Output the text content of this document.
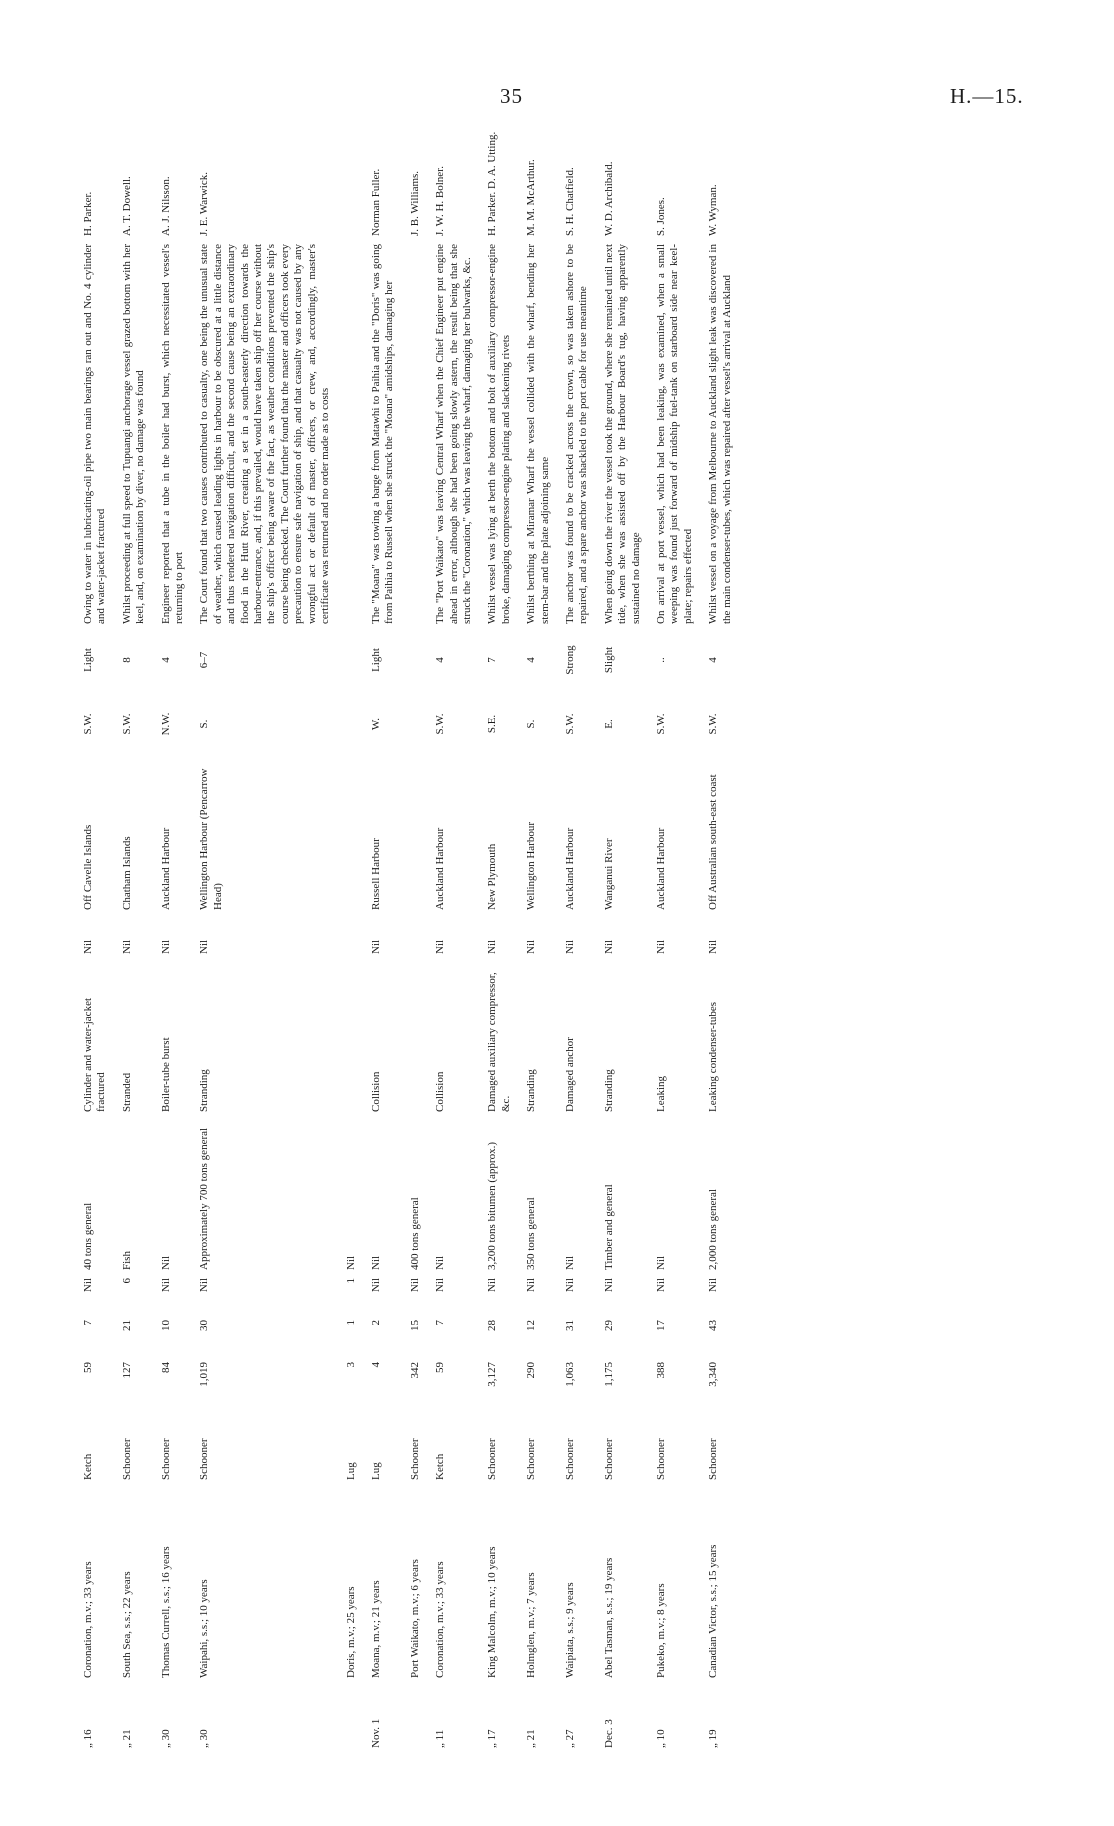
35	H.—15.
„ 16	Coronation, m.v.; 33 years	Ketch	59	7	Nil	40 tons general	Cylinder and water-jacket fractured	Nil	Off Cavelle Islands	S.W.	Light	Owing to water in lubricating-oil pipe two main bearings ran out and No. 4 cylinder and water-jacket fractured	H. Parker.
„ 21	South Sea, s.s.; 22 years	Schooner	127	21	6	Fish	Stranded	Nil	Chatham Islands	S.W.	8	Whilst proceeding at full speed to Tupuangi anchorage vessel grazed bottom with her keel, and, on examination by diver, no damage was found	A. T. Dowell.
„ 30	Thomas Currell, s.s.; 16 years	Schooner	84	10	Nil	Nil	Boiler-tube burst	Nil	Auckland Harbour	N.W.	4	Engineer reported that a tube in the boiler had burst, which necessitated vessel's returning to port	A. J. Nilsson.
„ 30	Waipahi, s.s.; 10 years	Schooner	1,019	30	Nil	Approximately 700 tons general	Stranding	Nil	Wellington Harbour (Pencarrow Head)	S.	6–7	The Court found that two causes contributed to casualty, one being the unusual state of weather, which caused leading lights in harbour to be obscured at a little distance and thus rendered navigation difficult, and the second cause being an extraordinary flood in the Hutt River, creating a set in a south-easterly direction towards the harbour-entrance, and, if this prevailed, would have taken ship off her course without the ship's officer being aware of the fact, as weather conditions prevented the ship's course being checked. The Court further found that the master and officers took every precaution to ensure safe navigation of ship, and that casualty was not caused by any wrongful act or default of master, officers, or crew, and, accordingly, master's certificate was returned and no order made as to costs	J. E. Warwick.
	Doris, m.v.; 25 years	Lug	3	1	1	Nil							
Nov. 1	Moana, m.v.; 21 years	Lug	4	2	Nil	Nil	Collision	Nil	Russell Harbour	W.	Light	The "Moana" was towing a barge from Matawhi to Paihia and the "Doris" was going from Paihia to Russell when she struck the "Moana" amidships, damaging her	Norman Fuller.
	Port Waikato, m.v.; 6 years	Schooner	342	15	Nil	400 tons general							J. B. Williams.
„ 11	Coronation, m.v.; 33 years	Ketch	59	7	Nil	Nil	Collision	Nil	Auckland Harbour	S.W.	4	The "Port Waikato" was leaving Central Wharf when the Chief Engineer put engine ahead in error, although she had been going slowly astern, the result being that she struck the "Coronation," which was leaving the wharf, damaging her bulwarks, &c.	J. W. H. Bolner.
„ 17	King Malcolm, m.v.; 10 years	Schooner	3,127	28	Nil	3,200 tons bitumen (approx.)	Damaged auxiliary compressor, &c.	Nil	New Plymouth	S.E.	7	Whilst vessel was lying at berth the bottom and bolt of auxiliary compressor-engine broke, damaging compressor-engine plating and slackening rivets	H. Parker. D. A. Utting.
„ 21	Holmglen, m.v.; 7 years	Schooner	290	12	Nil	350 tons general	Stranding	Nil	Wellington Harbour	S.	4	Whilst berthing at Miramar Wharf the vessel collided with the wharf, bending her stem-bar and the plate adjoining same	M. M. McArthur.
„ 27	Waipiata, s.s.; 9 years	Schooner	1,063	31	Nil	Nil	Damaged anchor	Nil	Auckland Harbour	S.W.	Strong	The anchor was found to be cracked across the crown, so was taken ashore to be repaired, and a spare anchor was shackled to the port cable for use meantime	S. H. Chatfield.
Dec. 3	Abel Tasman, s.s.; 19 years	Schooner	1,175	29	Nil	Timber and general	Stranding	Nil	Wanganui River	E.	Slight	When going down the river the vessel took the ground, where she remained until next tide, when she was assisted off by the Harbour Board's tug, having apparently sustained no damage	W. D. Archibald.
„ 10	Pukeko, m.v.; 8 years	Schooner	388	17	Nil	Nil	Leaking	Nil	Auckland Harbour	S.W.	..	On arrival at port vessel, which had been leaking, was examined, when a small weeping was found just forward of midship fuel-tank on starboard side near keel-plate; repairs effected	S. Jones.
„ 19	Canadian Victor, s.s.; 15 years	Schooner	3,340	43	Nil	2,000 tons general	Leaking condenser-tubes	Nil	Off Australian south-east coast	S.W.	4	Whilst vessel on a voyage from Melbourne to Auckland slight leak was discovered in the main condenser-tubes, which was repaired after vessel's arrival at Auckland	W. Wyman.
